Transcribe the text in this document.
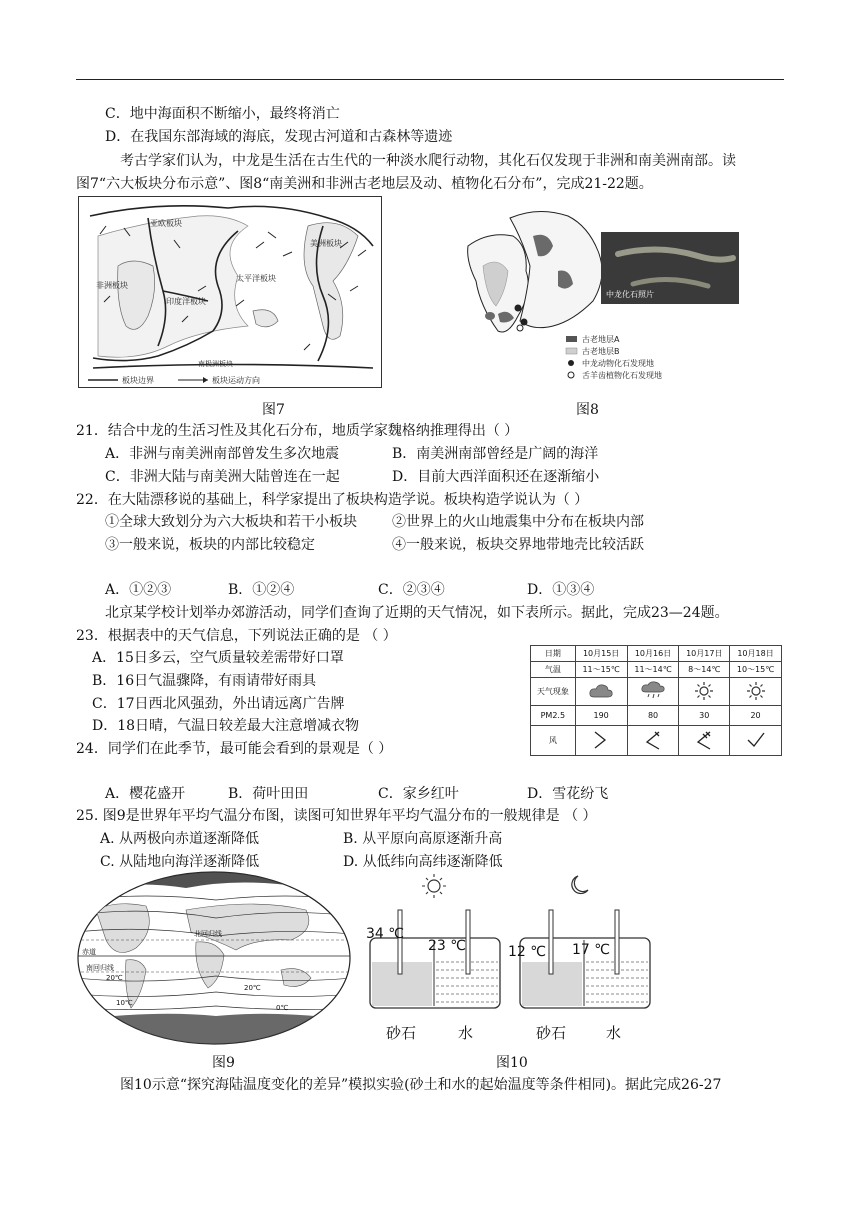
C．地中海面积不断缩小，最终将消亡
D．在我国东部海域的海底，发现古河道和古森林等遗迹
考古学家们认为，中龙是生活在古生代的一种淡水爬行动物，其化石仅发现于非洲和南美洲南部。读
图7“六大板块分布示意”、图8“南美洲和非洲古老地层及动、植物化石分布”，完成21-22题。
亚欧板块
美洲板块
非洲板块
太平洋板块
印度洋板块
南极洲板块
板块边界	板块运动方向
中龙化石照片
古老地层A
古老地层B
中龙动物化石发现地
舌羊齿植物化石发现地
图7	图8
21．结合中龙的生活习性及其化石分布，地质学家魏格纳推理得出（ ）
A．非洲与南美洲南部曾发生多次地震	B．南美洲南部曾经是广阔的海洋
C．非洲大陆与南美洲大陆曾连在一起	D．目前大西洋面积还在逐渐缩小
22．在大陆漂移说的基础上，科学家提出了板块构造学说。板块构造学说认为（ ）
①全球大致划分为六大板块和若干小板块	②世界上的火山地震集中分布在板块内部
③一般来说，板块的内部比较稳定	④一般来说，板块交界地带地壳比较活跃
A．①②③	B．①②④	C．②③④	D．①③④
北京某学校计划举办郊游活动，同学们查询了近期的天气情况，如下表所示。据此，完成23—24题。
23．根据表中的天气信息，下列说法正确的是 （ ）
A．15日多云，空气质量较差需带好口罩
B．16日气温骤降，有雨请带好雨具
C．17日西北风强劲，外出请远离广告牌
D．18日晴，气温日较差最大注意增减衣物
日期	10月15日	10月16日	10月17日	10月18日
气温	11～15℃	11～14℃	8～14℃	10～15℃
天气现象				
PM2.5	190	80	30	20
风				
24．同学们在此季节，最可能会看到的景观是（ ）
A．樱花盛开	B．荷叶田田	C．家乡红叶	D．雪花纷飞
25. 图9是世界年平均气温分布图，读图可知世界年平均气温分布的一般规律是 （ ）
A. 从两极向赤道逐渐降低	B. 从平原向高原逐渐升高
C. 从陆地向海洋逐渐降低	D. 从低纬向高纬逐渐降低
北回归线
赤道
南回归线
20℃
20℃
10℃
0℃
34 ℃
23 ℃
砂石	水
12 ℃ 17 ℃
砂石	水
图9	图10
图10示意“探究海陆温度变化的差异”模拟实验(砂土和水的起始温度等条件相同)。据此完成26-27
